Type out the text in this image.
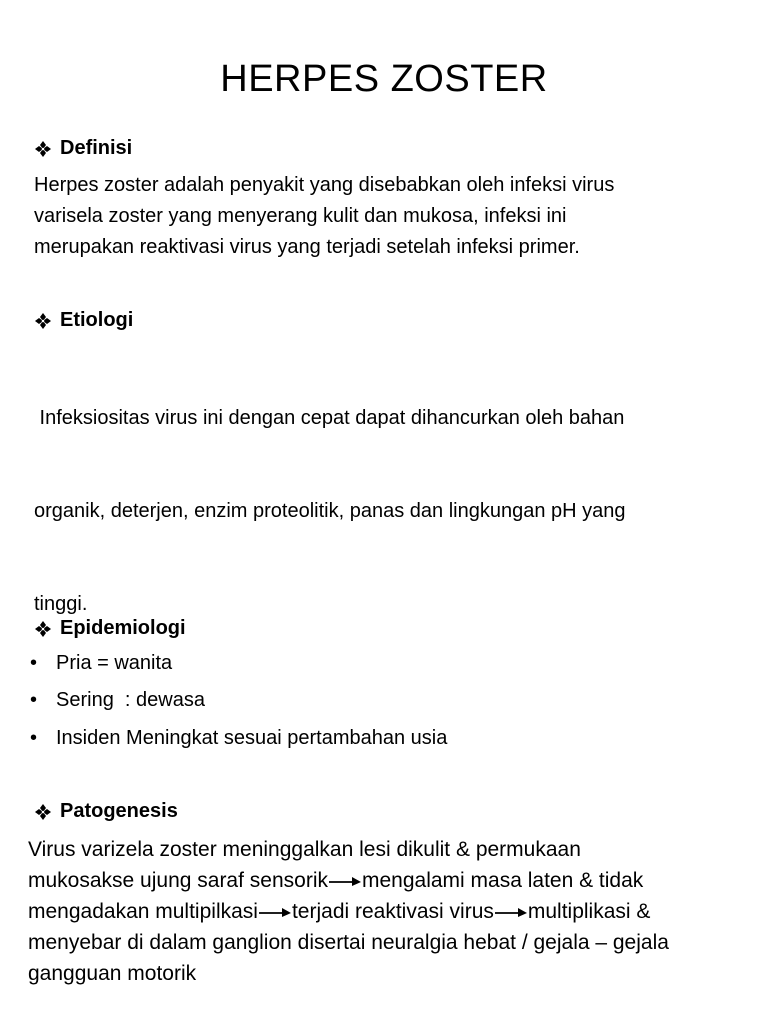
HERPES ZOSTER
Definisi
Herpes zoster adalah penyakit yang disebabkan oleh infeksi virus
varisela zoster yang menyerang kulit dan mukosa, infeksi ini
merupakan reaktivasi virus yang terjadi setelah infeksi primer.
Etiologi

Infeksiositas virus ini dengan cepat dapat dihancurkan oleh bahan

organik, deterjen, enzim proteolitik, panas dan lingkungan pH yang

tinggi.

Epidemiologi
• Pria = wanita
• Sering  : dewasa
• Insiden Meningkat sesuai pertambahan usia
Patogenesis
Virus varizela zoster meninggalkan lesi dikulit & permukaan
mukosakse ujung saraf sensorik mengalami masa laten & tidak
mengadakan multipilkasi terjadi reaktivasi virus multiplikasi &
menyebar di dalam ganglion disertai neuralgia hebat / gejala – gejala
gangguan motorik
